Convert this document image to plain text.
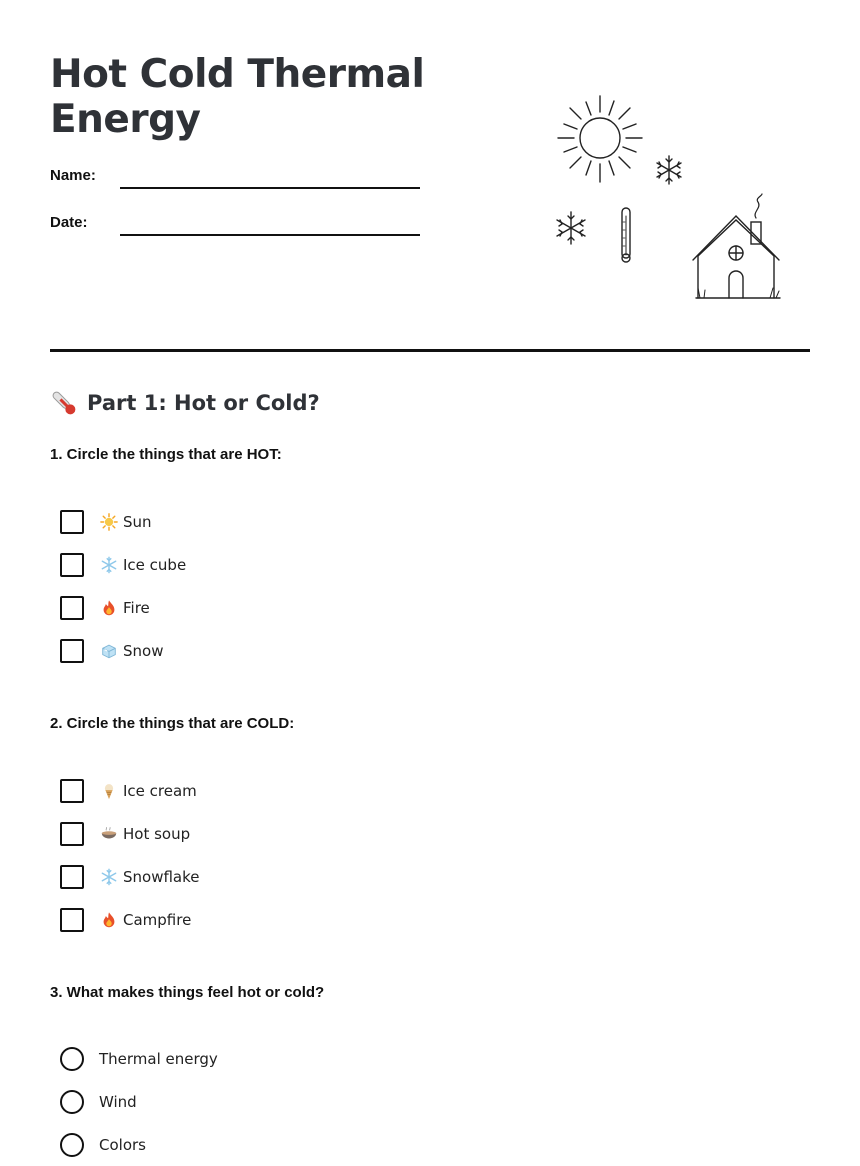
Hot Cold Thermal Energy
Name:
Date:
Part 1: Hot or Cold?

1. Circle the things that are HOT:

Sun
Ice cube
Fire
Snow

2. Circle the things that are COLD:

Ice cream
Hot soup
Snowflake
Campfire

3. What makes things feel hot or cold?

Thermal energy
Wind
Colors
